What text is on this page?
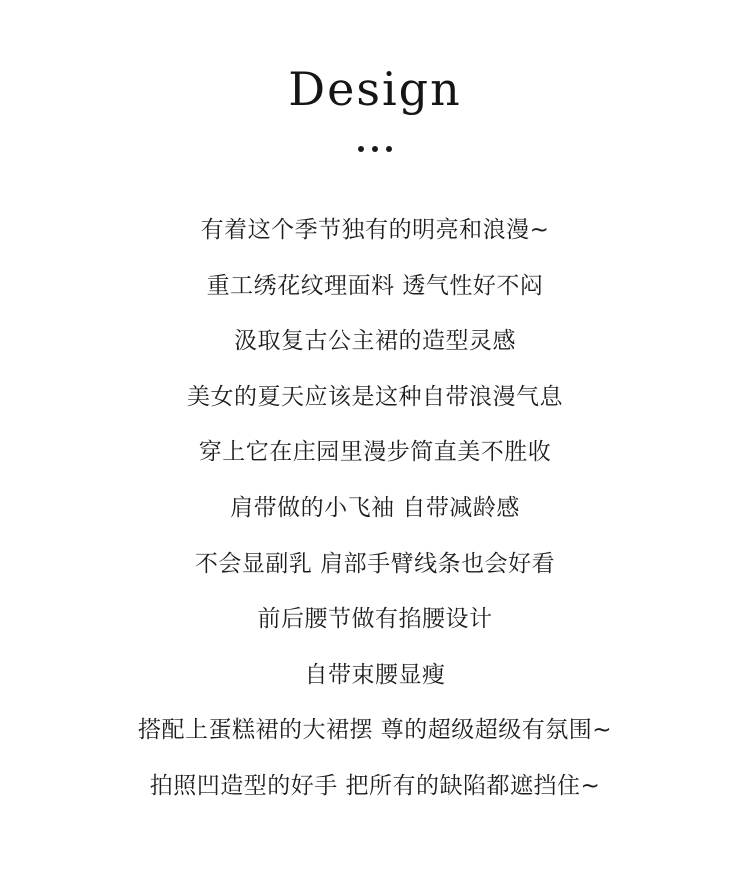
Design
有着这个季节独有的明亮和浪漫~
重工绣花纹理面料 透气性好不闷
汲取复古公主裙的造型灵感
美女的夏天应该是这种自带浪漫气息
穿上它在庄园里漫步简直美不胜收
肩带做的小飞袖 自带减龄感
不会显副乳 肩部手臂线条也会好看
前后腰节做有掐腰设计
自带束腰显瘦
搭配上蛋糕裙的大裙摆 尊的超级超级有氛围~
拍照凹造型的好手 把所有的缺陷都遮挡住~
